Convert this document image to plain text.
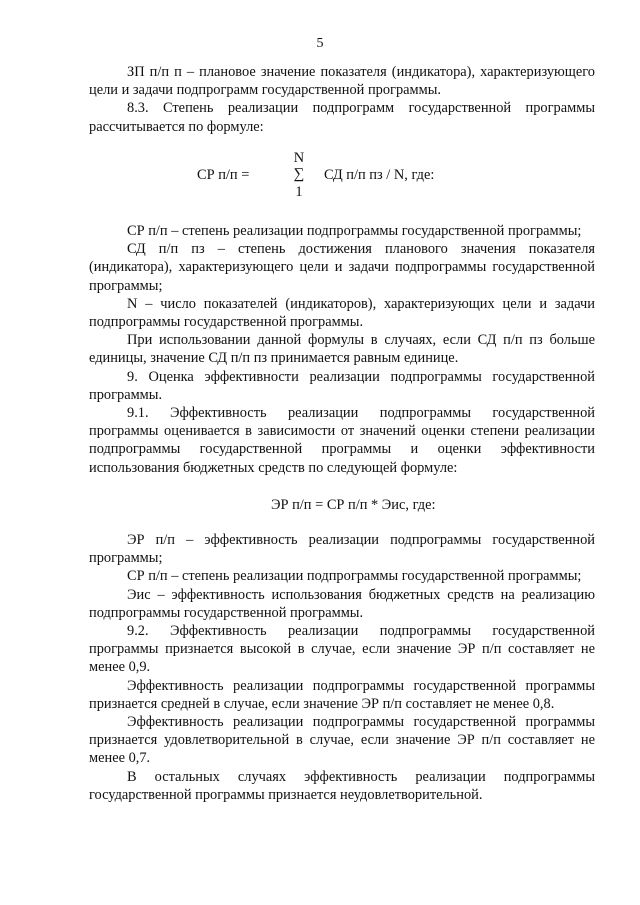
5

ЗП п/п п – плановое значение показателя (индикатора), характеризующего цели и задачи подпрограмм государственной программы.

8.3. Степень реализации подпрограмм государственной программы рассчитывается по формуле:

СР п/п =
N
∑
1
СД п/п пз / N, где:

СР п/п – степень реализации подпрограммы государственной программы;

СД п/п пз – степень достижения планового значения показателя (индикатора), характеризующего цели и задачи подпрограммы государственной программы;

N – число показателей (индикаторов), характеризующих цели и задачи подпрограммы государственной программы.

При использовании данной формулы в случаях, если СД п/п пз больше единицы, значение СД п/п пз принимается равным единице.

9. Оценка эффективности реализации подпрограммы государственной программы.

9.1. Эффективность реализации подпрограммы государственной программы оценивается в зависимости от значений оценки степени реализации подпрограммы государственной программы и оценки эффективности использования бюджетных средств по следующей формуле:

ЭР п/п = СР п/п * Эис, где:

ЭР п/п – эффективность реализации подпрограммы государственной программы;

СР п/п – степень реализации подпрограммы государственной программы;

Эис – эффективность использования бюджетных средств на реализацию подпрограммы государственной программы.

9.2. Эффективность реализации подпрограммы государственной программы признается высокой в случае, если значение ЭР п/п составляет не менее 0,9.

Эффективность реализации подпрограммы государственной программы признается средней в случае, если значение ЭР п/п составляет не менее 0,8.

Эффективность реализации подпрограммы государственной программы признается удовлетворительной в случае, если значение ЭР п/п составляет не менее 0,7.

В остальных случаях эффективность реализации подпрограммы государственной программы признается неудовлетворительной.
